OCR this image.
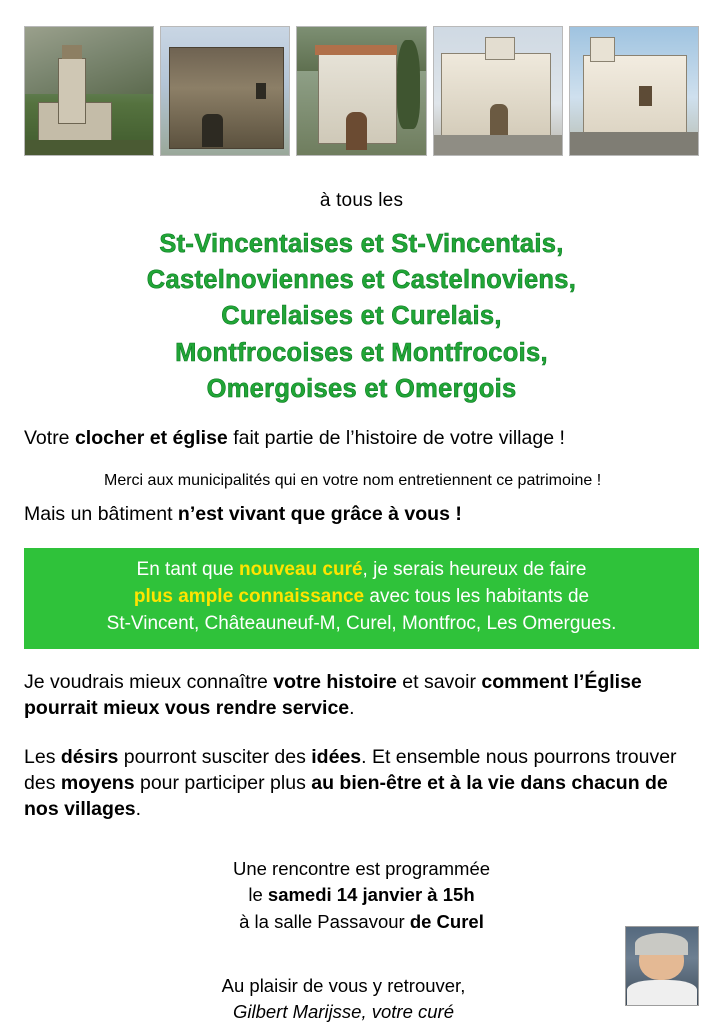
à tous les
St-Vincentaises et St-Vincentais,
Castelnoviennes et Castelnoviens,
Curelaises et Curelais,
Montfrocoises et Montfrocois,
Omergoises et Omergois

Votre clocher et église fait partie de l’histoire de votre village !

Merci aux municipalités qui en votre nom entretiennent ce patrimoine !

Mais un bâtiment n’est vivant que grâce à vous !

En tant que nouveau curé, je serais heureux de faire
plus ample connaissance avec tous les habitants de
St-Vincent, Châteauneuf-M, Curel, Montfroc, Les Omergues.

Je voudrais mieux connaître votre histoire et savoir comment l’Église pourrait mieux vous rendre service.

Les désirs pourront susciter des idées. Et ensemble nous pourrons trouver des moyens pour participer plus au bien-être et à la vie dans chacun de nos villages.

Une rencontre est programmée
le samedi 14 janvier à 15h
à la salle Passavour de Curel
Au plaisir de vous y retrouver,
Gilbert Marijsse, votre curé
